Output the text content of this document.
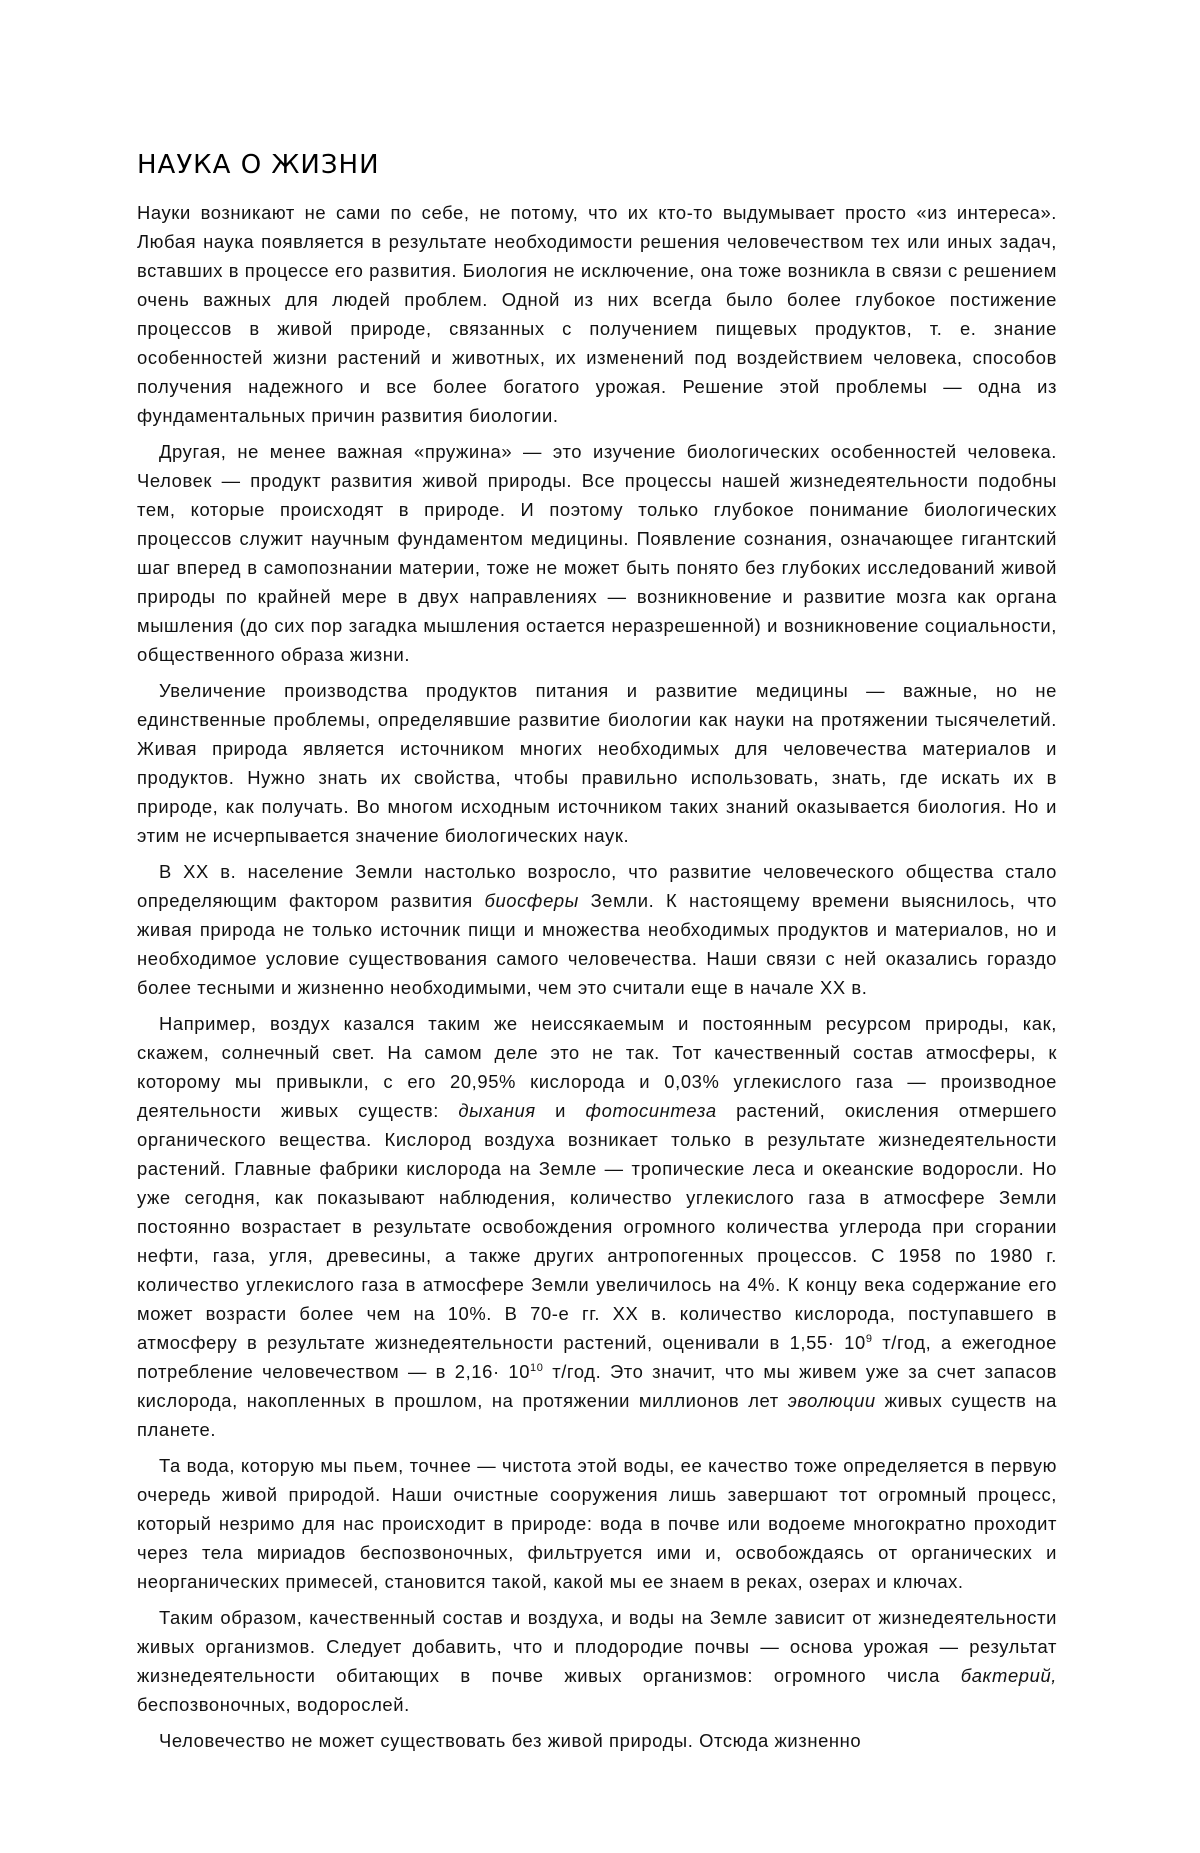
НАУКА О ЖИЗНИ

Науки возникают не сами по себе, не потому, что их кто-то выдумывает просто «из интереса». Любая наука появляется в результате необходимости решения человечеством тех или иных задач, вставших в процессе его развития. Биология не исключение, она тоже возникла в связи с решением очень важных для людей проблем. Одной из них всегда было более глубокое постижение процессов в живой природе, связанных с получением пищевых продуктов, т. е. знание особенностей жизни растений и животных, их изменений под воздействием человека, способов получения надежного и все более богатого урожая. Решение этой проблемы — одна из фундаментальных причин развития биологии.

Другая, не менее важная «пружина» — это изучение биологических особенностей человека. Человек — продукт развития живой природы. Все процессы нашей жизнедеятельности подобны тем, которые происходят в природе. И поэтому только глубокое понимание биологических процессов служит научным фундаментом медицины. Появление сознания, означающее гигантский шаг вперед в самопознании материи, тоже не может быть понято без глубоких исследований живой природы по крайней мере в двух направлениях — возникновение и развитие мозга как органа мышления (до сих пор загадка мышления остается неразрешенной) и возникновение социальности, общественного образа жизни.

Увеличение производства продуктов питания и развитие медицины — важные, но не единственные проблемы, определявшие развитие биологии как науки на протяжении тысячелетий. Живая природа является источником многих необходимых для человечества материалов и продуктов. Нужно знать их свойства, чтобы правильно использовать, знать, где искать их в природе, как получать. Во многом исходным источником таких знаний оказывается биология. Но и этим не исчерпывается значение биологических наук.

В XX в. население Земли настолько возросло, что развитие человеческого общества стало определяющим фактором развития биосферы Земли. К настоящему времени выяснилось, что живая природа не только источник пищи и множества необходимых продуктов и материалов, но и необходимое условие существования самого человечества. Наши связи с ней оказались гораздо более тесными и жизненно необходимыми, чем это считали еще в начале XX в.

Например, воздух казался таким же неиссякаемым и постоянным ресурсом природы, как, скажем, солнечный свет. На самом деле это не так. Тот качественный состав атмосферы, к которому мы привыкли, с его 20,95% кислорода и 0,03% углекислого газа — производное деятельности живых существ: дыхания и фотосинтеза растений, окисления отмершего органического вещества. Кислород воздуха возникает только в результате жизнедеятельности растений. Главные фабрики кислорода на Земле — тропические леса и океанские водоросли. Но уже сегодня, как показывают наблюдения, количество углекислого газа в атмосфере Земли постоянно возрастает в результате освобождения огромного количества углерода при сгорании нефти, газа, угля, древесины, а также других антропогенных процессов. С 1958 по 1980 г. количество углекислого газа в атмосфере Земли увеличилось на 4%. К концу века содержание его может возрасти более чем на 10%. В 70-е гг. XX в. количество кислорода, поступавшего в атмосферу в результате жизнедеятельности растений, оценивали в 1,55· 109 т/год, а ежегодное потребление человечеством — в 2,16· 1010 т/год. Это значит, что мы живем уже за счет запасов кислорода, накопленных в прошлом, на протяжении миллионов лет эволюции живых существ на планете.

Та вода, которую мы пьем, точнее — чистота этой воды, ее качество тоже определяется в первую очередь живой природой. Наши очистные сооружения лишь завершают тот огромный процесс, который незримо для нас происходит в природе: вода в почве или водоеме многократно проходит через тела мириадов беспозвоночных, фильтруется ими и, освобождаясь от органических и неорганических примесей, становится такой, какой мы ее знаем в реках, озерах и ключах.

Таким образом, качественный состав и воздуха, и воды на Земле зависит от жизнедеятельности живых организмов. Следует добавить, что и плодородие почвы — основа урожая — результат жизнедеятельности обитающих в почве живых организмов: огромного числа бактерий, беспозвоночных, водорослей.

Человечество не может существовать без живой природы. Отсюда жизненно
